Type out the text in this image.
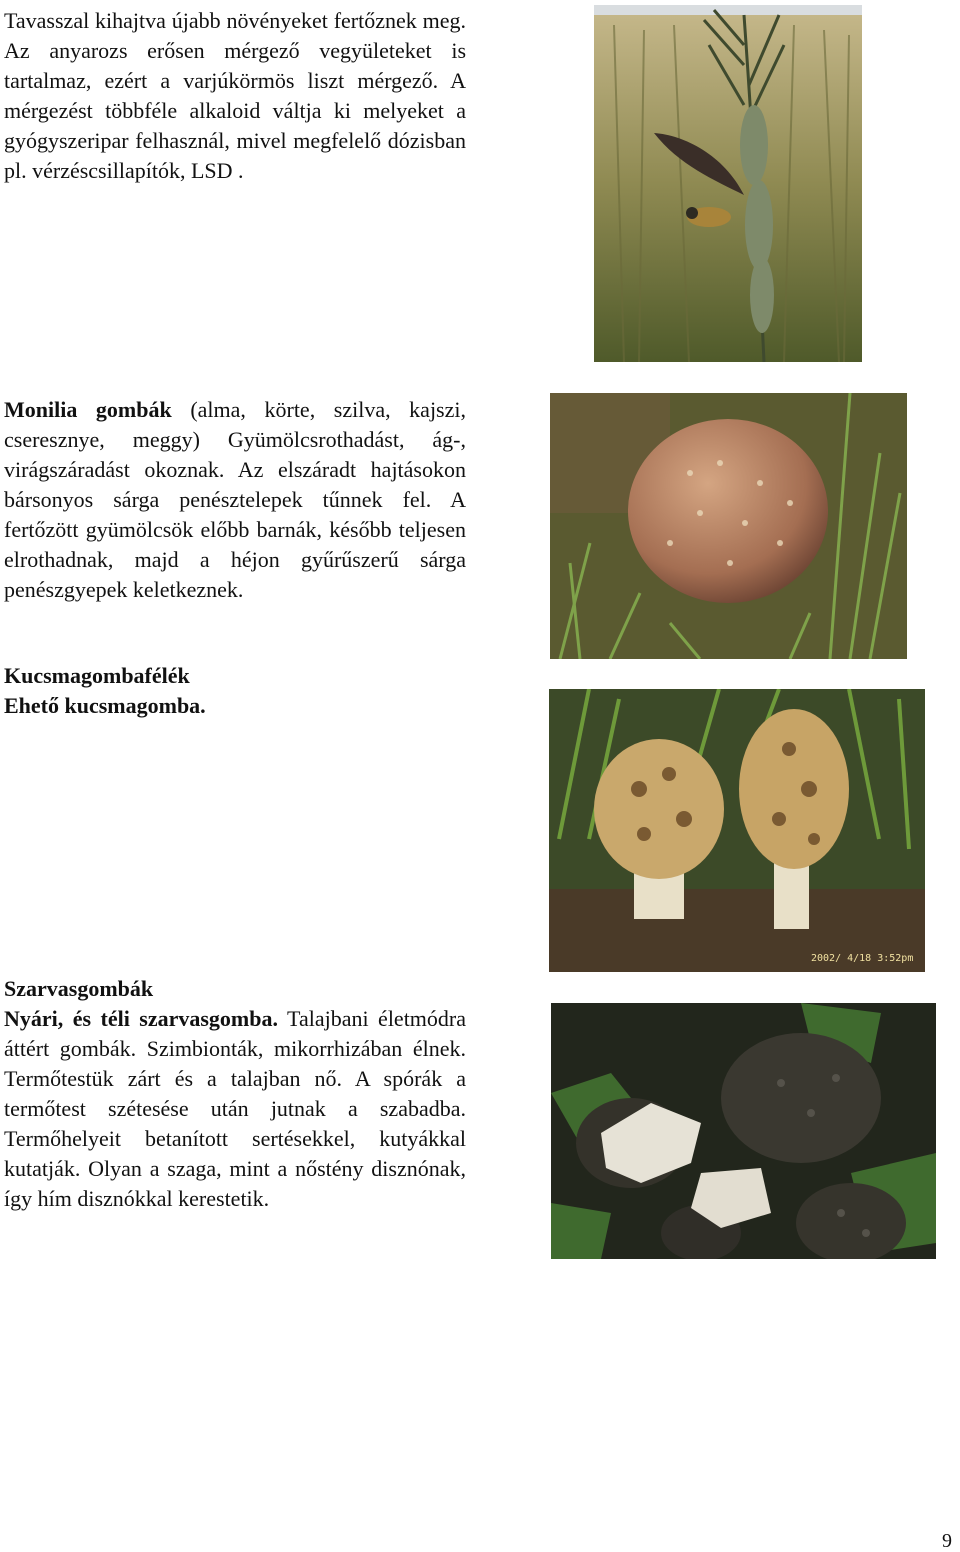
Tavasszal kihajtva újabb növényeket fertőznek meg. Az anyarozs erősen mérgező vegyületeket is tartalmaz, ezért a varjúkörmös liszt mérgező. A mérgezést többféle alkaloid váltja ki melyeket a gyógyszeripar felhasznál, mivel megfelelő dózisban pl. vérzéscsillapítók, LSD .

Monilia gombák (alma, körte, szilva, kajszi, cseresznye, meggy) Gyümölcsrothadást, ág-, virágszáradást okoznak. Az elszáradt hajtásokon bársonyos sárga penésztelepek tűnnek fel. A fertőzött gyümölcsök előbb barnák, később teljesen elrothadnak, majd a héjon gyűrűszerű sárga penészgyepek keletkeznek.

Kucsmagombafélék

Ehető kucsmagomba.

2002/ 4/18 3:52pm

Szarvasgombák

Nyári, és téli szarvasgomba. Talajbani életmódra áttért gombák. Szimbionták, mikorrhizában élnek. Termőtestük zárt és a talajban nő. A spórák a termőtest szétesése után jutnak a szabadba. Termőhelyeit betanított sertésekkel, kutyákkal kutatják. Olyan a szaga, mint a nőstény disznónak, így hím disznókkal kerestetik.

9
